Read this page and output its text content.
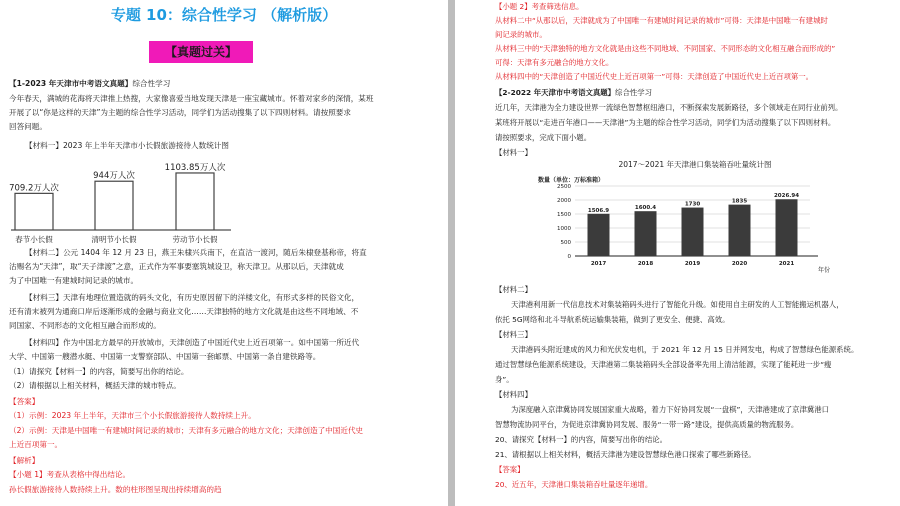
专题 10：综合性学习 （解析版）
【真题过关】
【1-2023 年天津市中考语文真题】综合性学习
今年春天，满城的花海将天津推上热搜，大家像喜爱当地发现天津是一座宝藏城市。怀着对家乡的深情，某班
开展了以“你是这样的天津”为主题的综合性学习活动，同学们为活动搜集了以下四则材料。请按照要求
回答问题。
【材料一】2023 年上半年天津市小长假旅游接待人数统计图
709.2万人次
春节小长假
944万人次
清明节小长假
1103.85万人次
劳动节小长假
【材料二】公元 1404 年 12 月 23 日，燕王朱棣兴兵南下，在直沽一渡河，随后朱棣登基称帝，将直
沽赐名为“天津”，取“天子津渡”之意，正式作为军事要塞筑城设卫，称天津卫。从那以后，天津就成
为了中国唯一有建城时间记录的城市。
【材料三】天津有地理位置造就的码头文化，有历史原因留下的洋楼文化，有形式多样的民俗文化，
还有清末被列为通商口岸后逐渐形成的金融与商业文化……天津独特的地方文化就是由这些不同地域、不
同国家、不同形态的文化相互融合而形成的。
【材料四】作为中国北方最早的开放城市，天津创造了中国近代史上近百项第一。如中国第一所近代
大学、中国第一艘潜水艇、中国第一支警察部队、中国第一套邮票、中国第一条自建铁路等。
（1）请探究【材料一】的内容，简要写出你的结论。
（2）请根据以上相关材料，概括天津的城市特点。
【答案】
（1）示例：2023 年上半年，天津市三个小长假旅游接待人数持续上升。
（2）示例：天津是中国唯一有建城时间记录的城市；天津有多元融合的地方文化；天津创造了中国近代史
上近百项第一。
【解析】
【小题 1】考查从表格中得出结论。
孙长假旅游接待人数持续上升。数的柱形图呈现出持续增高的趋
【小题 2】考查筛选信息。
从材料二中“从那以后，天津就成为了中国唯一有建城时间记录的城市”可得：天津是中国唯一有建城时
间记录的城市。
从材料三中的“天津独特的地方文化就是由这些不同地域、不同国家、不同形态的文化相互融合而形成的”
可得：天津有多元融合的地方文化。
从材料四中的“天津创造了中国近代史上近百项第一”可得：天津创造了中国近代史上近百项第一。
【2-2022 年天津市中考语文真题】综合性学习
近几年，天津港为全力建设世界一流绿色智慧枢纽港口，不断探索发展新路径，多个领域走在同行业前列。
某班将开展以“走进百年港口——天津港”为主题的综合性学习活动，同学们为活动搜集了以下四则材料。
请按照要求，完成下面小题。
【材料一】
2017～2021 年天津港口集装箱吞吐量统计图
数量（单位：万标准箱）
0
500
1000
1500
2000
2500
1506.9
2017
1600.4
2018
1730
2019
1835
2020
2026.94
2021
年份
【材料二】
天津港利用新一代信息技术对集装箱码头进行了智能化升级。如使用自主研发的人工智能搬运机器人，
依托 5G网络和北斗导航系统运输集装箱，做到了更安全、便捷、高效。
【材料三】
天津港码头附近建成的风力和光伏发电机，于 2021 年 12 月 15 日并网发电，构成了智慧绿色能源系统。
通过智慧绿色能源系统建设，天津港第二集装箱码头全部设备率先用上清洁能源，实现了能耗进一步“瘦
身”。
【材料四】
为深度融入京津冀协同发展国家重大战略，着力下好协同发展“一盘棋”，天津港建成了京津冀港口
智慧物流协同平台，为促进京津冀协同发展、服务“一带一路”建设，提供高质量的物流服务。
20、请探究【材料一】的内容，简要写出你的结论。
21、请根据以上相关材料，概括天津港为建设智慧绿色港口探索了哪些新路径。
【答案】
20、近五年，天津港口集装箱吞吐量逐年递增。
